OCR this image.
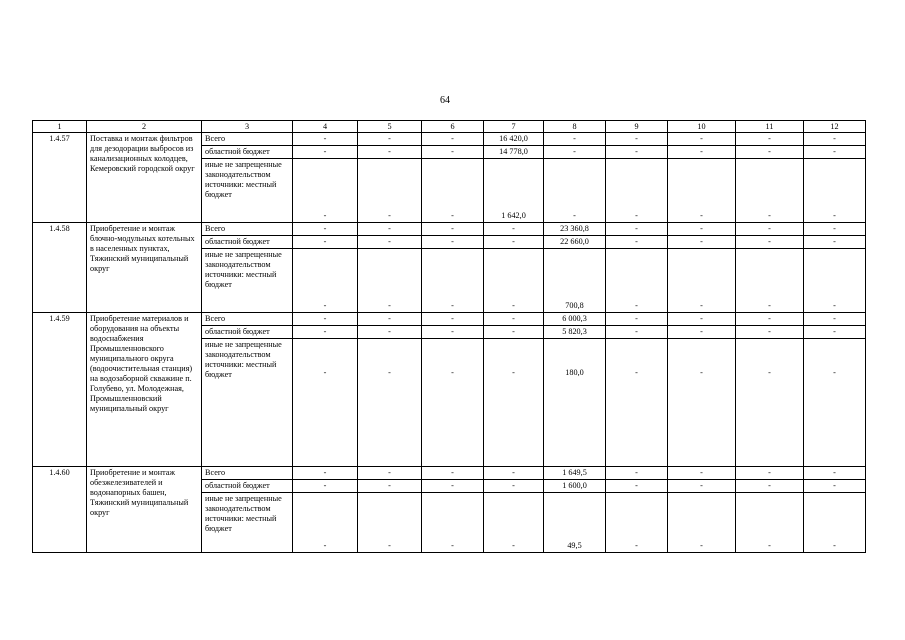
64
1	2	3	4	5	6	7	8	9	10	11	12
1.4.57	Поставка и монтаж фильтров для дезодорации выбросов из канализационных колодцев, Кемеровский городской округ	Всего	-	-	-	16 420,0	-	-	-	-	-
		областной бюджет	-	-	-	14 778,0	-	-	-	-	-
		иные не запрещенные законодательством источники: местный бюджет	-	-	-	1 642,0	-	-	-	-	-
1.4.58	Приобретение и монтаж блочно-модульных котельных в населенных пунктах, Тяжинский муниципальный округ	Всего	-	-	-	-	23 360,8	-	-	-	-
		областной бюджет	-	-	-	-	22 660,0	-	-	-	-
		иные не запрещенные законодательством источники: местный бюджет	-	-	-	-	700,8	-	-	-	-
1.4.59	Приобретение материалов и оборудования на объекты водоснабжения Промышленновского муниципального округа (водоочистительная станция) на водозаборной скважине п. Голубево, ул. Молодежная, Промышленновский муниципальный округ	Всего	-	-	-	-	6 000,3	-	-	-	-
		областной бюджет	-	-	-	-	5 820,3	-	-	-	-
		иные не запрещенные законодательством источники: местный бюджет	-	-	-	-	180,0	-	-	-	-
1.4.60	Приобретение и монтаж обезжелезивателей и водонапорных башен, Тяжинский муниципальный округ	Всего	-	-	-	-	1 649,5	-	-	-	-
		областной бюджет	-	-	-	-	1 600,0	-	-	-	-
		иные не запрещенные законодательством источники: местный бюджет	-	-	-	-	49,5	-	-	-	-
